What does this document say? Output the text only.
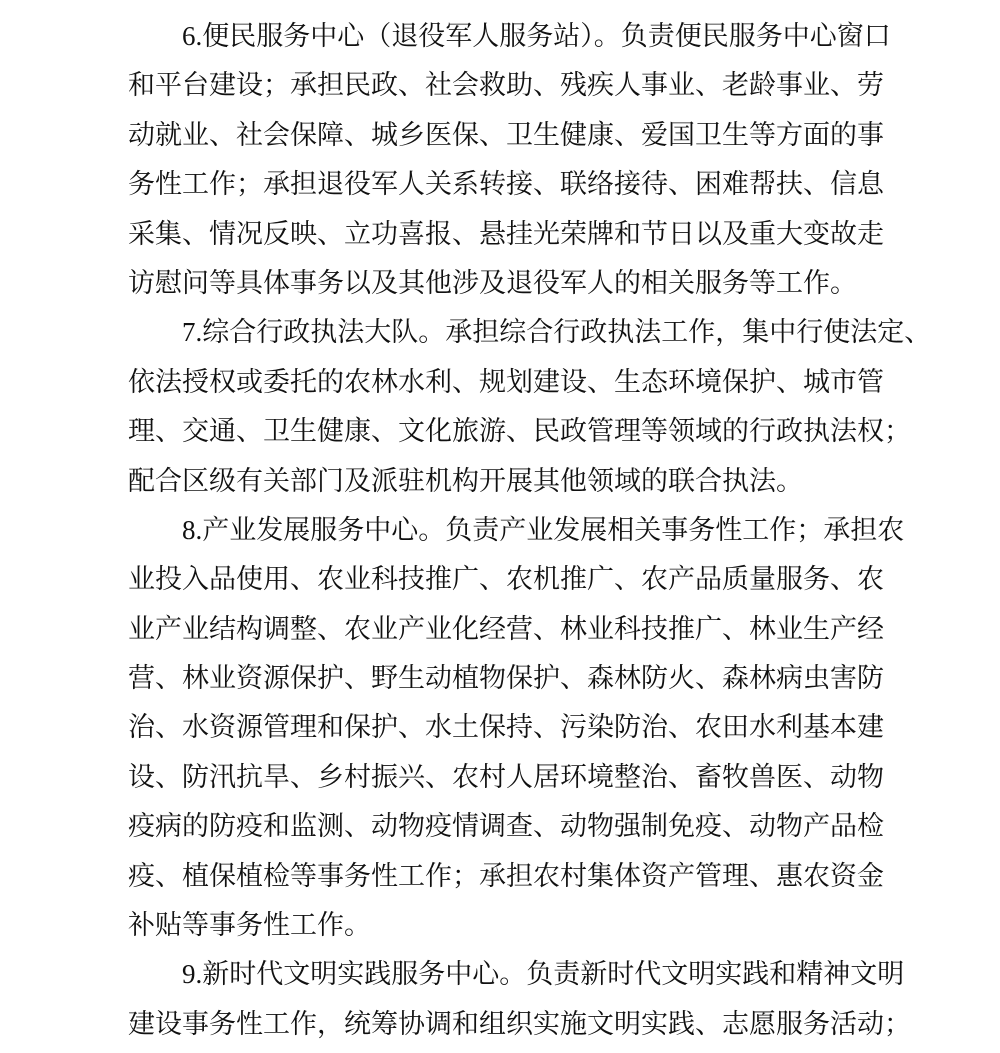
6.便民服务中心（退役军人服务站）。负责便民服务中心窗口
和平台建设；承担民政、社会救助、残疾人事业、老龄事业、劳
动就业、社会保障、城乡医保、卫生健康、爱国卫生等方面的事
务性工作；承担退役军人关系转接、联络接待、困难帮扶、信息
采集、情况反映、立功喜报、悬挂光荣牌和节日以及重大变故走
访慰问等具体事务以及其他涉及退役军人的相关服务等工作。
7.综合行政执法大队。承担综合行政执法工作，集中行使法定、
依法授权或委托的农林水利、规划建设、生态环境保护、城市管
理、交通、卫生健康、文化旅游、民政管理等领域的行政执法权；
配合区级有关部门及派驻机构开展其他领域的联合执法。
8.产业发展服务中心。负责产业发展相关事务性工作；承担农
业投入品使用、农业科技推广、农机推广、农产品质量服务、农
业产业结构调整、农业产业化经营、林业科技推广、林业生产经
营、林业资源保护、野生动植物保护、森林防火、森林病虫害防
治、水资源管理和保护、水土保持、污染防治、农田水利基本建
设、防汛抗旱、乡村振兴、农村人居环境整治、畜牧兽医、动物
疫病的防疫和监测、动物疫情调查、动物强制免疫、动物产品检
疫、植保植检等事务性工作；承担农村集体资产管理、惠农资金
补贴等事务性工作。
9.新时代文明实践服务中心。负责新时代文明实践和精神文明
建设事务性工作，统筹协调和组织实施文明实践、志愿服务活动；
